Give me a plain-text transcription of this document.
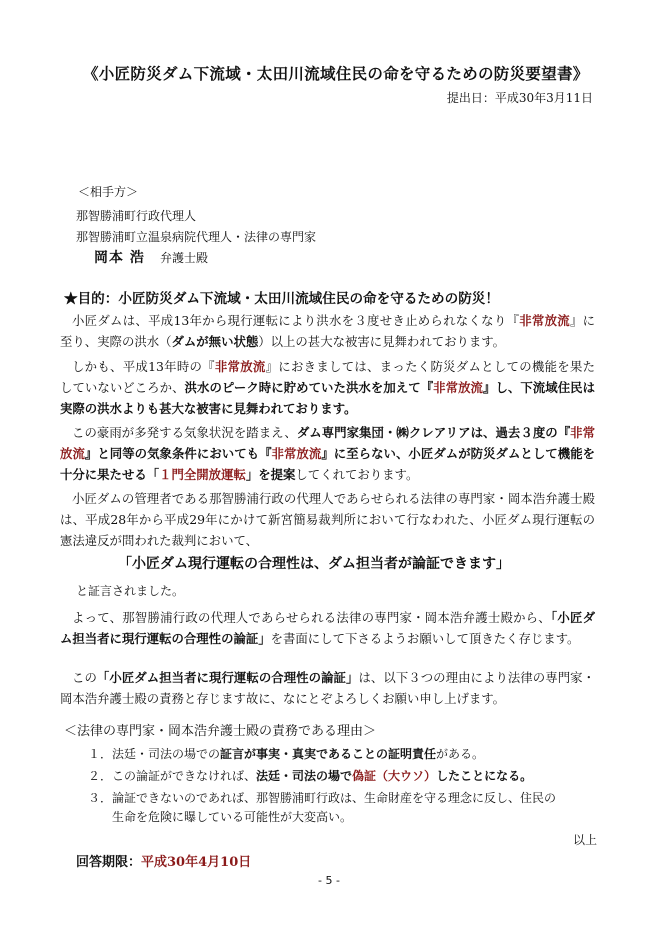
《小匠防災ダム下流域・太田川流域住民の命を守るための防災要望書》
提出日：平成30年3月11日
＜相手方＞
那智勝浦町行政代理人
那智勝浦町立温泉病院代理人・法律の専門家
岡本 浩 弁護士殿
★目的：小匠防災ダム下流域・太田川流域住民の命を守るための防災！
小匠ダムは、平成13年から現行運転により洪水を３度せき止められなくなり『非常放流』に至り、実際の洪水（ダムが無い状態）以上の甚大な被害に見舞われております。
しかも、平成13年時の『非常放流』におきましては、まったく防災ダムとしての機能を果たしていないどころか、洪水のピーク時に貯めていた洪水を加えて『非常放流』し、下流域住民は実際の洪水よりも甚大な被害に見舞われております。
この豪雨が多発する気象状況を踏まえ、ダム専門家集団・㈱クレアリアは、過去３度の『非常放流』と同等の気象条件においても『非常放流』に至らない、小匠ダムが防災ダムとして機能を十分に果たせる「１門全開放運転」を提案してくれております。
小匠ダムの管理者である那智勝浦行政の代理人であらせられる法律の専門家・岡本浩弁護士殿は、平成28年から平成29年にかけて新宮簡易裁判所において行なわれた、小匠ダム現行運転の憲法違反が問われた裁判において、
「小匠ダム現行運転の合理性は、ダム担当者が論証できます」
と証言されました。
よって、那智勝浦行政の代理人であらせられる法律の専門家・岡本浩弁護士殿から、「小匠ダム担当者に現行運転の合理性の論証」を書面にして下さるようお願いして頂きたく存じます。
この「小匠ダム担当者に現行運転の合理性の論証」は、以下３つの理由により法律の専門家・岡本浩弁護士殿の責務と存じます故に、なにとぞよろしくお願い申し上げます。
＜法律の専門家・岡本浩弁護士殿の責務である理由＞
１．法廷・司法の場での証言が事実・真実であることの証明責任がある。
２．この論証ができなければ、法廷・司法の場で偽証（大ウソ）したことになる。
３．論証できないのであれば、那智勝浦町行政は、生命財産を守る理念に反し、住民の
生命を危険に曝している可能性が大変高い。
以上
回答期限：平成30年4月10日
- 5 -
